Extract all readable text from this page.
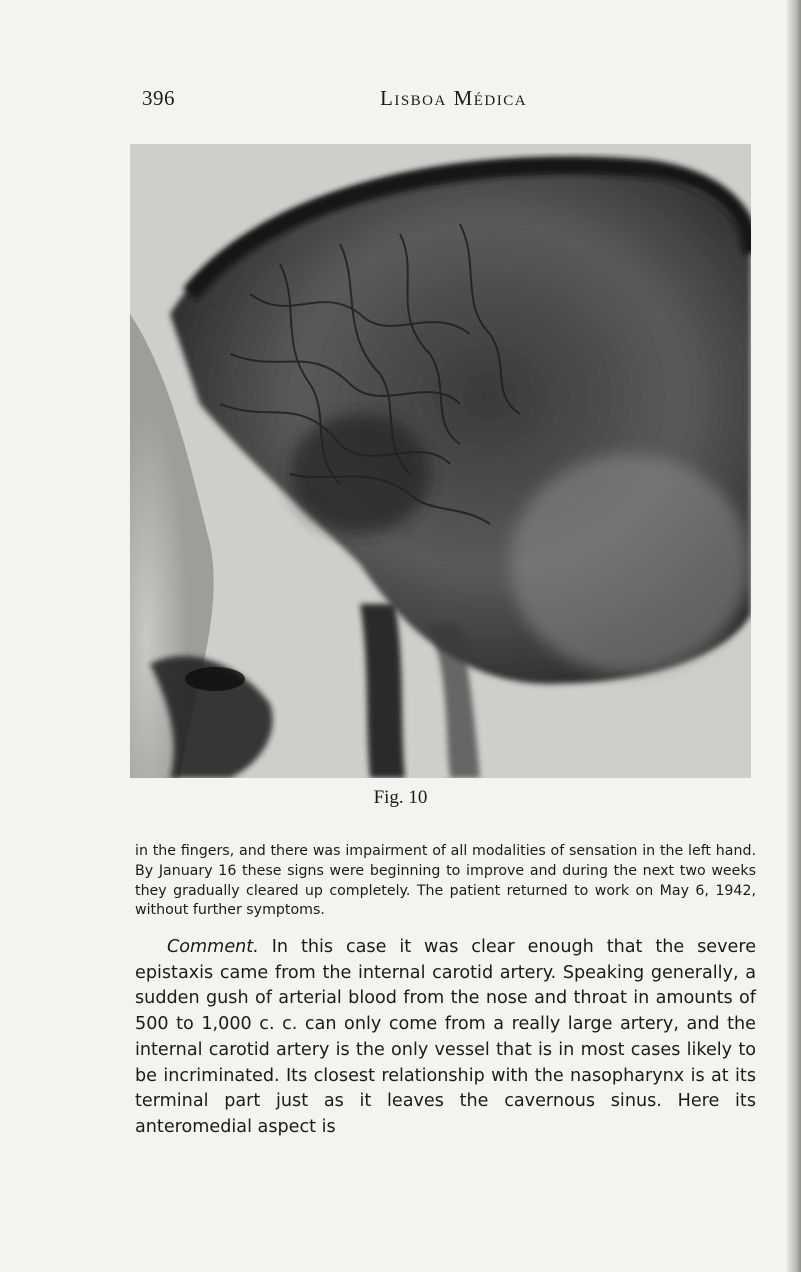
396	Lisboa Médica
Fig. 10

in the fingers, and there was impairment of all modalities of sensation in the left hand. By January 16 these signs were beginning to improve and during the next two weeks they gradually cleared up completely. The patient returned to work on May 6, 1942, without further symptoms.

Comment. In this case it was clear enough that the severe epistaxis came from the internal carotid artery. Speaking generally, a sudden gush of arterial blood from the nose and throat in amounts of 500 to 1,000 c. c. can only come from a really large artery, and the internal carotid artery is the only vessel that is in most cases likely to be incriminated. Its closest relationship with the nasopharynx is at its terminal part just as it leaves the cavernous sinus. Here its anteromedial aspect is
